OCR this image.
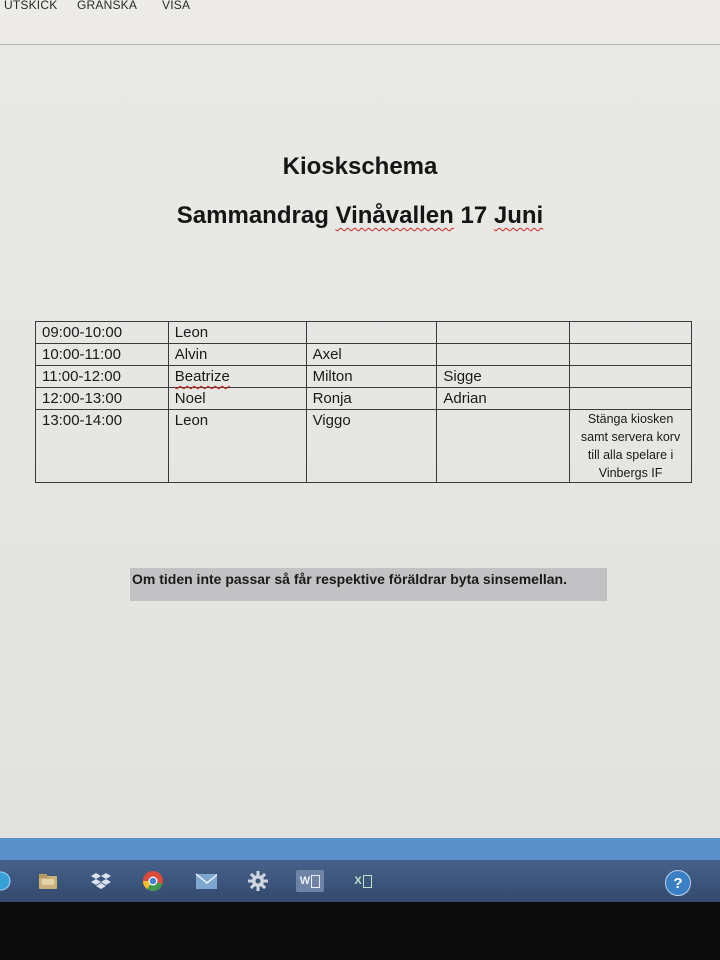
UTSKICK GRANSKA VISA
Kioskschema
Sammandrag Vinåvallen 17 Juni
09:00-10:00	Leon			
10:00-11:00	Alvin	Axel		
11:00-12:00	Beatrize	Milton	Sigge	
12:00-13:00	Noel	Ronja	Adrian	
13:00-14:00	Leon	Viggo		Stänga kiosken samt servera korv till alla spelare i Vinbergs IF
Om tiden inte passar så får respektive föräldrar byta sinsemellan.
W	X	?
